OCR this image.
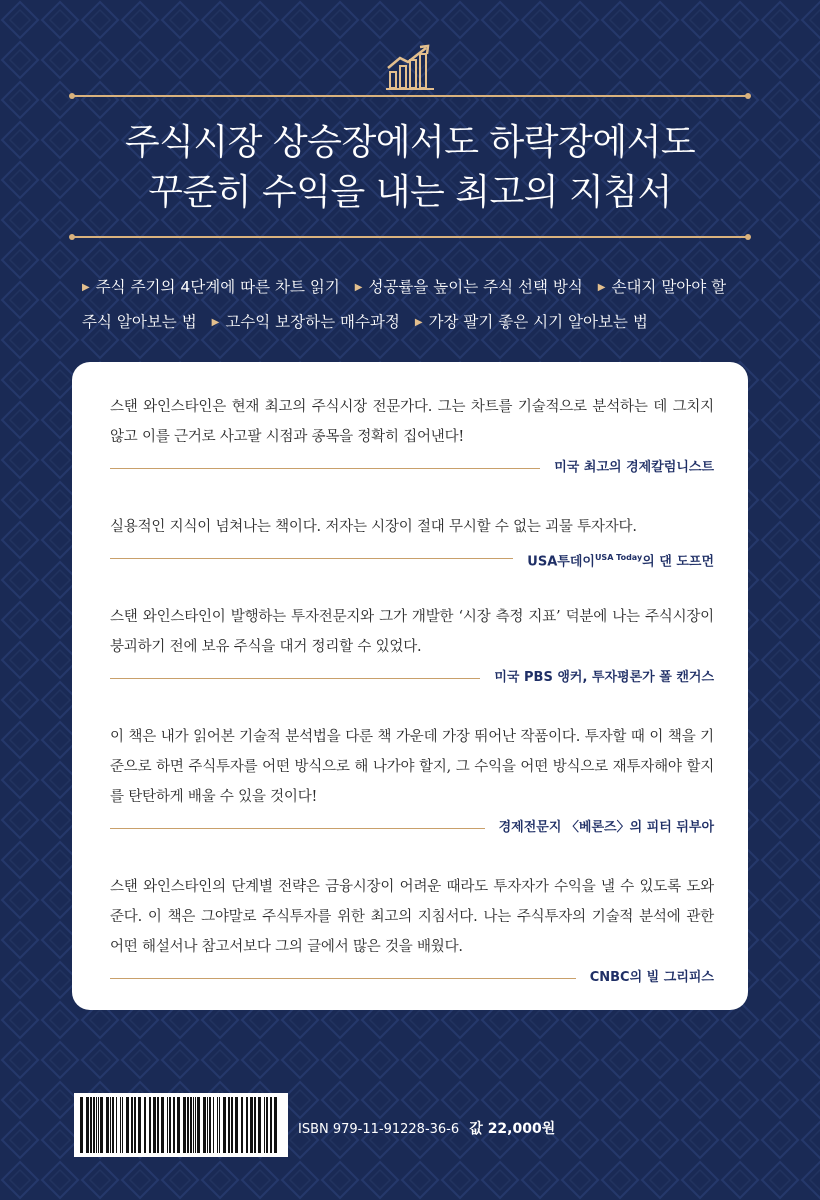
주식시장 상승장에서도 하락장에서도
꾸준히 수익을 내는 최고의 지침서
▶ 주식 주기의 4단계에 따른 차트 읽기 ▶ 성공률을 높이는 주식 선택 방식 ▶ 손대지 말아야 할
주식 알아보는 법 ▶ 고수익 보장하는 매수과정 ▶ 가장 팔기 좋은 시기 알아보는 법
스탠 와인스타인은 현재 최고의 주식시장 전문가다. 그는 차트를 기술적으로 분석하는 데 그치지 않고 이를 근거로 사고팔 시점과 종목을 정확히 집어낸다!
미국 최고의 경제칼럼니스트
실용적인 지식이 넘쳐나는 책이다. 저자는 시장이 절대 무시할 수 없는 괴물 투자자다.
USA투데이$^{USA Today}$의 댄 도프먼
스탠 와인스타인이 발행하는 투자전문지와 그가 개발한 ‘시장 측정 지표’ 덕분에 나는 주식시장이 붕괴하기 전에 보유 주식을 대거 정리할 수 있었다.
미국 PBS 앵커, 투자평론가 폴 캔거스
이 책은 내가 읽어본 기술적 분석법을 다룬 책 가운데 가장 뛰어난 작품이다. 투자할 때 이 책을 기준으로 하면 주식투자를 어떤 방식으로 해 나가야 할지, 그 수익을 어떤 방식으로 재투자해야 할지를 탄탄하게 배울 수 있을 것이다!
경제전문지 〈베론즈〉의 피터 뒤부아
스탠 와인스타인의 단계별 전략은 금융시장이 어려운 때라도 투자자가 수익을 낼 수 있도록 도와준다. 이 책은 그야말로 주식투자를 위한 최고의 지침서다. 나는 주식투자의 기술적 분석에 관한 어떤 해설서나 참고서보다 그의 글에서 많은 것을 배웠다.
CNBC의 빌 그리피스
ISBN 979-11-91228-36-6 값 22,000원
